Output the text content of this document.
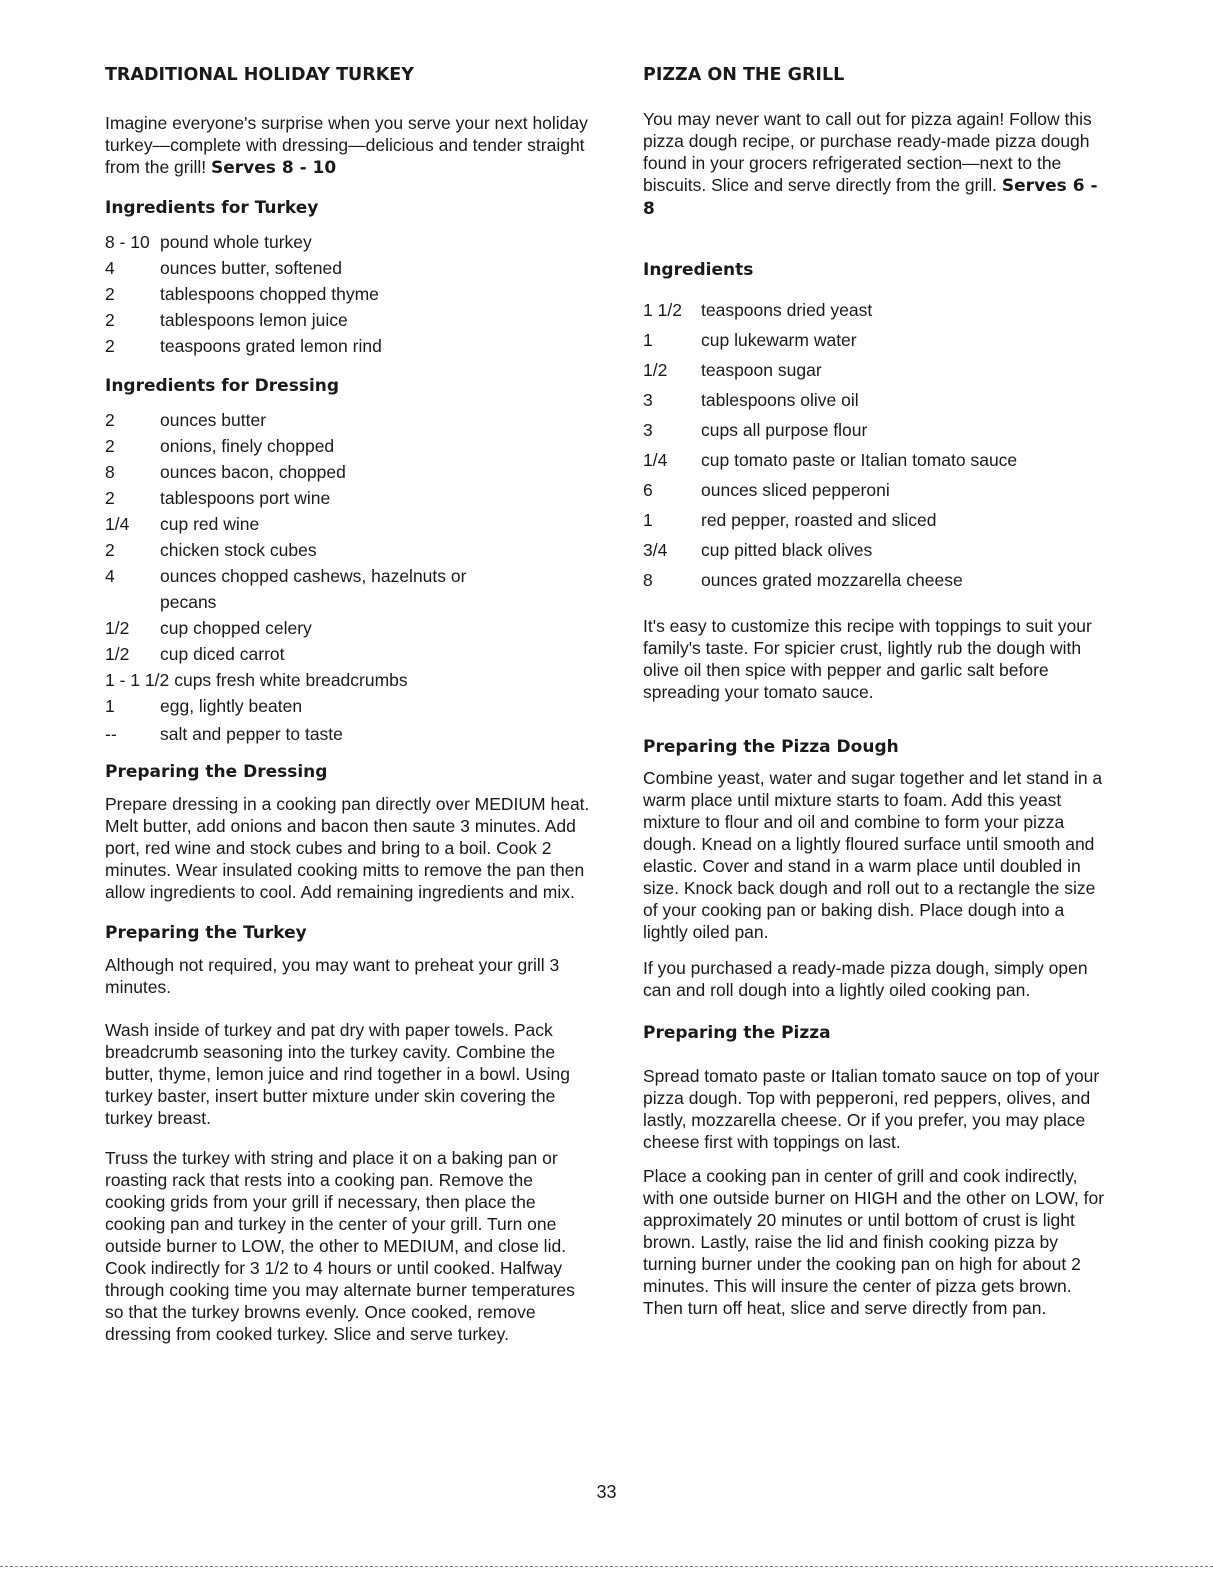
TRADITIONAL HOLIDAY TURKEY

Imagine everyone's surprise when you serve your next holiday turkey—complete with dressing—delicious and tender straight from the grill! Serves 8 - 10

Ingredients for Turkey
8 - 10 pound whole turkey
4	ounces butter, softened
2	tablespoons chopped thyme
2	tablespoons lemon juice
2	teaspoons grated lemon rind
Ingredients for Dressing
2	ounces butter
2	onions, finely chopped
8	ounces bacon, chopped
2	tablespoons port wine
1/4	cup red wine
2	chicken stock cubes
4	ounces chopped cashews, hazelnuts or pecans
1/2	cup chopped celery
1/2	cup diced carrot
1 - 1 1/2 cups fresh white breadcrumbs
1	egg, lightly beaten
--	salt and pepper to taste
Preparing the Dressing

Prepare dressing in a cooking pan directly over MEDIUM heat. Melt butter, add onions and bacon then saute 3 minutes. Add port, red wine and stock cubes and bring to a boil. Cook 2 minutes. Wear insulated cooking mitts to remove the pan then allow ingredients to cool. Add remaining ingredients and mix.

Preparing the Turkey

Although not required, you may want to preheat your grill 3 minutes.

Wash inside of turkey and pat dry with paper towels. Pack breadcrumb seasoning into the turkey cavity. Combine the butter, thyme, lemon juice and rind together in a bowl. Using turkey baster, insert butter mixture under skin covering the turkey breast.

Truss the turkey with string and place it on a baking pan or roasting rack that rests into a cooking pan. Remove the cooking grids from your grill if necessary, then place the cooking pan and turkey in the center of your grill. Turn one outside burner to LOW, the other to MEDIUM, and close lid. Cook indirectly for 3 1/2 to 4 hours or until cooked. Halfway through cooking time you may alternate burner temperatures so that the turkey browns evenly. Once cooked, remove dressing from cooked turkey. Slice and serve turkey.

PIZZA ON THE GRILL

You may never want to call out for pizza again! Follow this pizza dough recipe, or purchase ready-made pizza dough found in your grocers refrigerated section—next to the biscuits. Slice and serve directly from the grill. Serves 6 - 8

Ingredients
1 1/2	teaspoons dried yeast
1	cup lukewarm water
1/2	teaspoon sugar
3	tablespoons olive oil
3	cups all purpose flour
1/4	cup tomato paste or Italian tomato sauce
6	ounces sliced pepperoni
1	red pepper, roasted and sliced
3/4	cup pitted black olives
8	ounces grated mozzarella cheese

It's easy to customize this recipe with toppings to suit your family's taste. For spicier crust, lightly rub the dough with olive oil then spice with pepper and garlic salt before spreading your tomato sauce.

Preparing the Pizza Dough

Combine yeast, water and sugar together and let stand in a warm place until mixture starts to foam. Add this yeast mixture to flour and oil and combine to form your pizza dough. Knead on a lightly floured surface until smooth and elastic. Cover and stand in a warm place until doubled in size. Knock back dough and roll out to a rectangle the size of your cooking pan or baking dish. Place dough into a lightly oiled pan.

If you purchased a ready-made pizza dough, simply open can and roll dough into a lightly oiled cooking pan.

Preparing the Pizza

Spread tomato paste or Italian tomato sauce on top of your pizza dough. Top with pepperoni, red peppers, olives, and lastly, mozzarella cheese. Or if you prefer, you may place cheese first with toppings on last.

Place a cooking pan in center of grill and cook indirectly, with one outside burner on HIGH and the other on LOW, for approximately 20 minutes or until bottom of crust is light brown. Lastly, raise the lid and finish cooking pizza by turning burner under the cooking pan on high for about 2 minutes. This will insure the center of pizza gets brown. Then turn off heat, slice and serve directly from pan.

33
